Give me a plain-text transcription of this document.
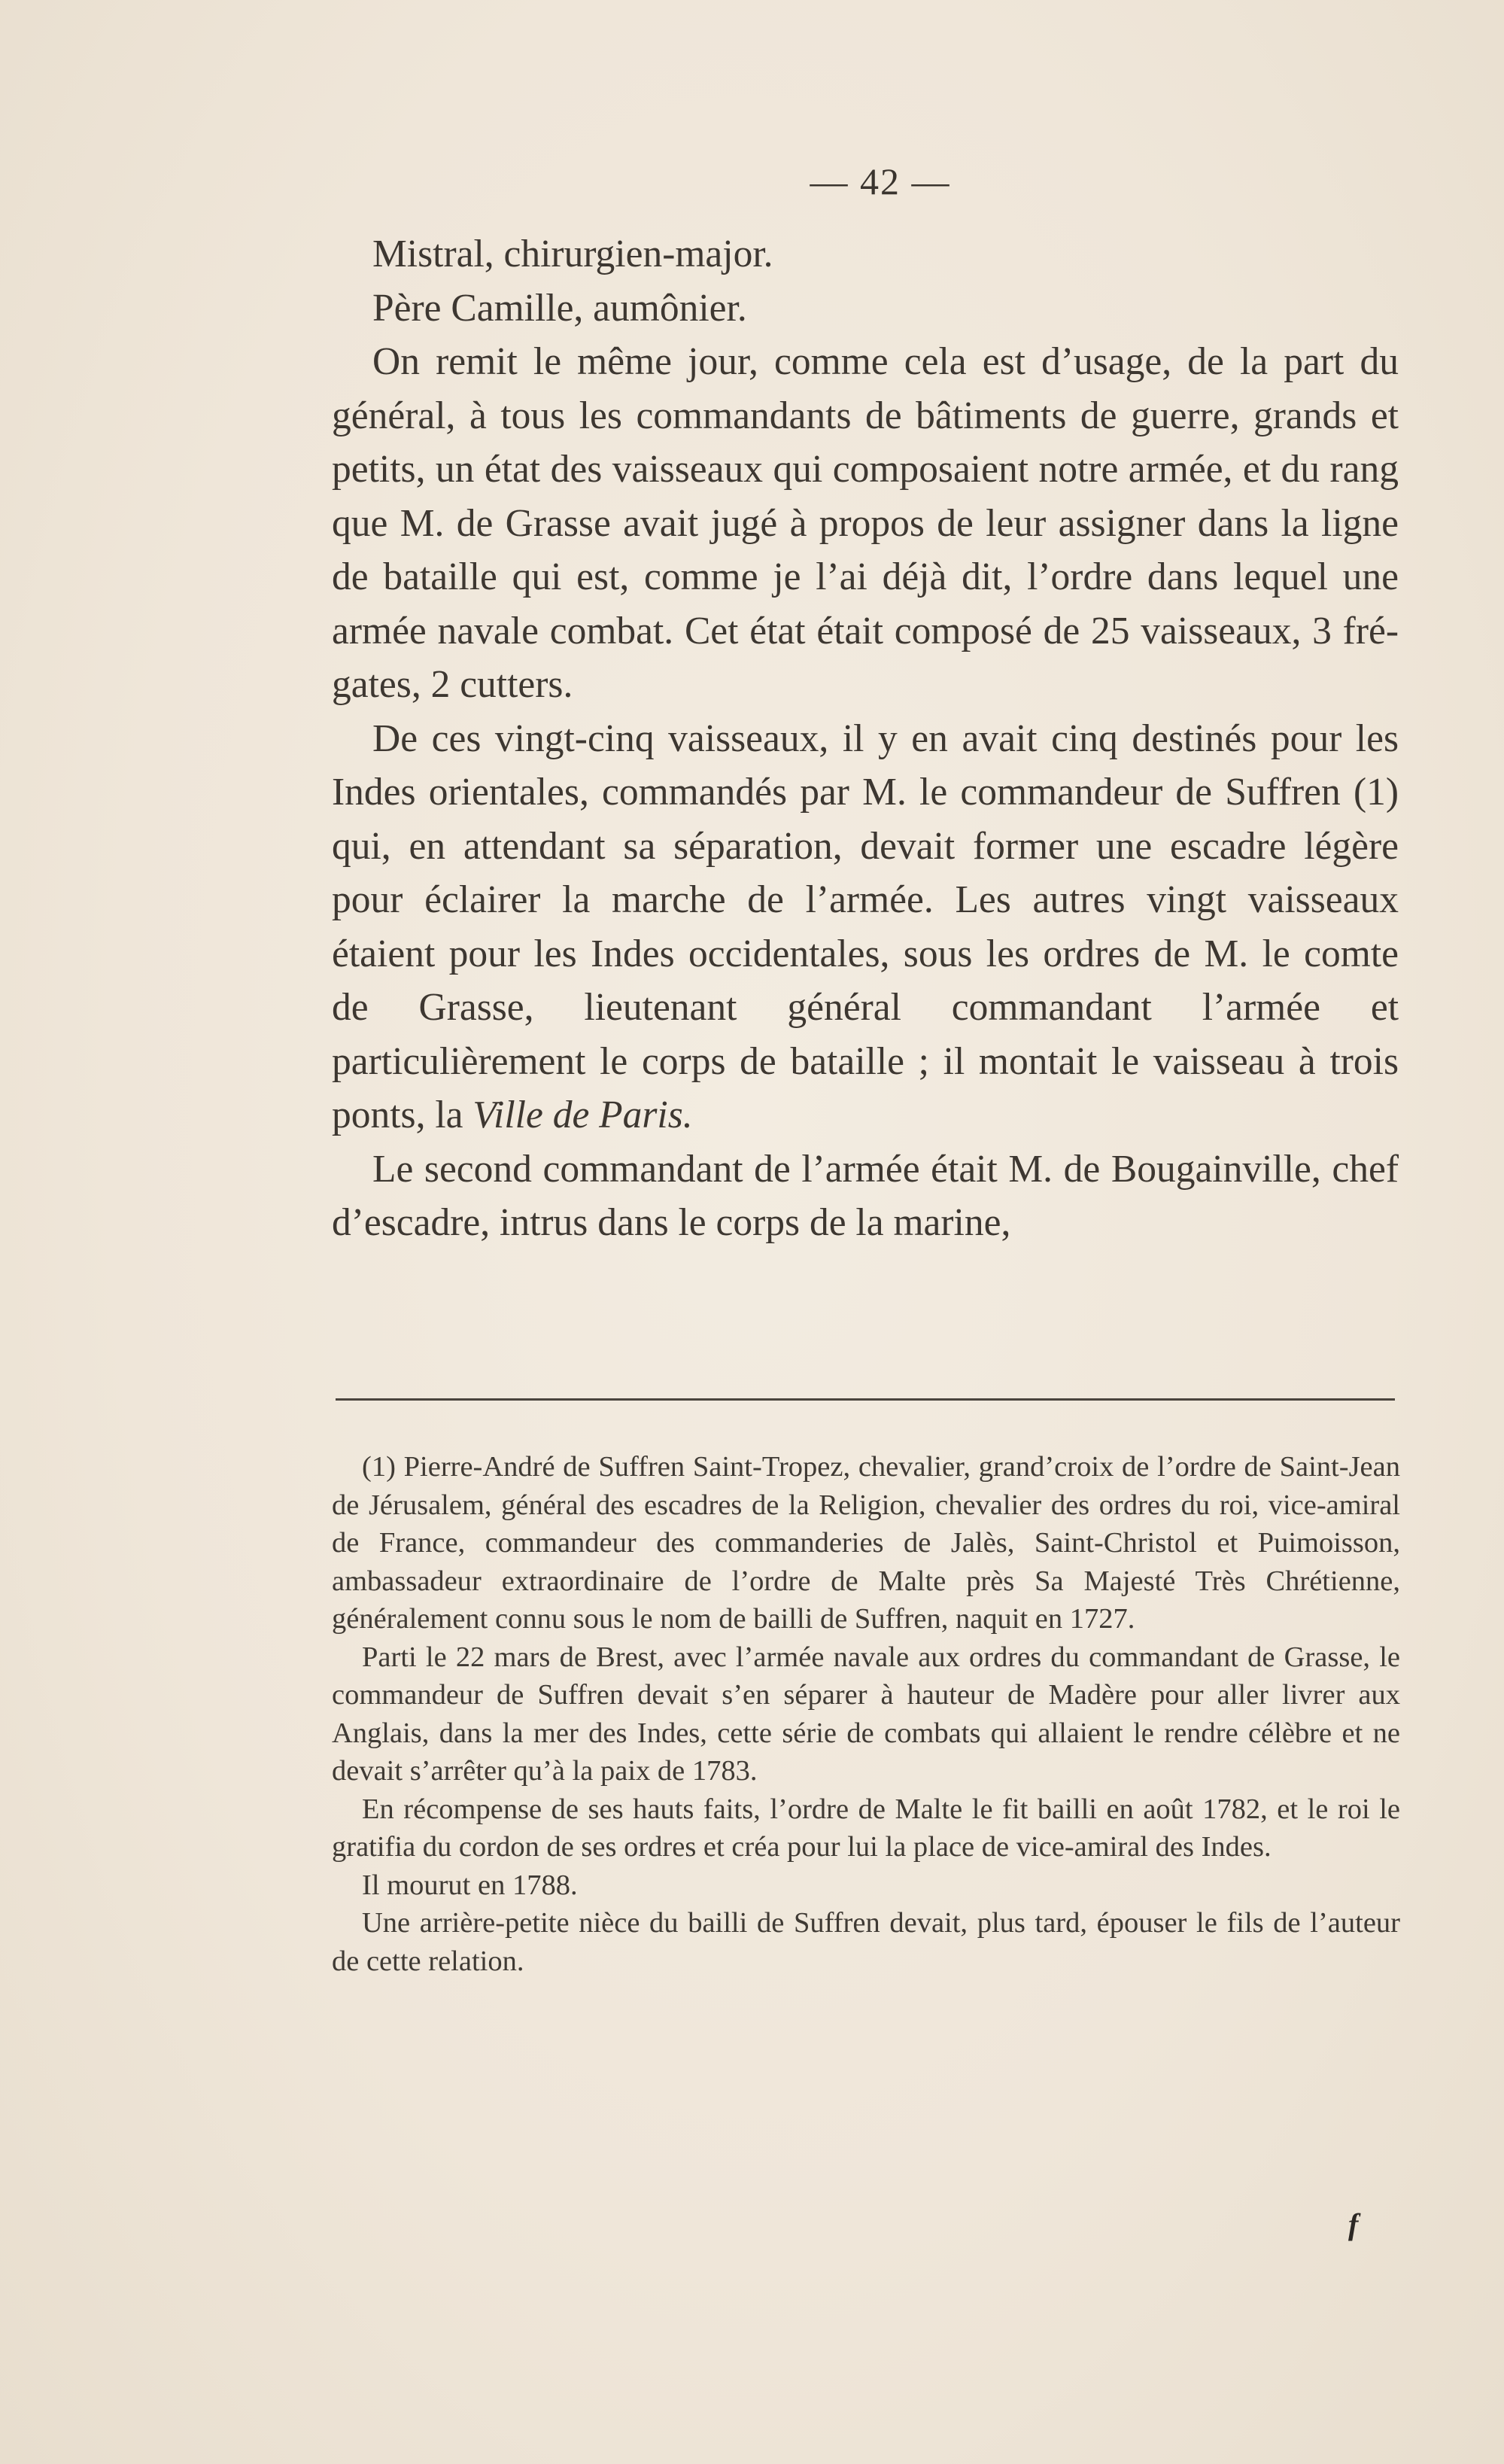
— 42 —

Mistral, chirurgien-major.

Père Camille, aumônier.

On remit le même jour, comme cela est d’usage, de la part du général, à tous les commandants de bâtiments de guerre, grands et petits, un état des vaisseaux qui composaient notre armée, et du rang que M. de Grasse avait jugé à propos de leur assigner dans la ligne de bataille qui est, comme je l’ai déjà dit, l’ordre dans lequel une armée navale combat. Cet état était composé de 25 vaisseaux, 3 frégates, 2 cutters.

De ces vingt-cinq vaisseaux, il y en avait cinq destinés pour les Indes orientales, commandés par M. le commandeur de Suffren (1) qui, en attendant sa séparation, devait former une escadre légère pour éclairer la marche de l’armée. Les autres vingt vaisseaux étaient pour les Indes occidentales, sous les ordres de M. le comte de Grasse, lieutenant général commandant l’armée et particulièrement le corps de bataille ; il montait le vaisseau à trois ponts, la Ville de Paris.

Le second commandant de l’armée était M. de Bougainville, chef d’escadre, intrus dans le corps de la marine,

(1) Pierre-André de Suffren Saint-Tropez, chevalier, grand’croix de l’ordre de Saint-Jean de Jérusalem, général des escadres de la Religion, chevalier des ordres du roi, vice-amiral de France, commandeur des commanderies de Jalès, Saint-Christol et Puimoisson, ambassadeur extraordinaire de l’ordre de Malte près Sa Majesté Très Chrétienne, généralement connu sous le nom de bailli de Suffren, naquit en 1727.

Parti le 22 mars de Brest, avec l’armée navale aux ordres du commandant de Grasse, le commandeur de Suffren devait s’en séparer à hauteur de Madère pour aller livrer aux Anglais, dans la mer des Indes, cette série de combats qui allaient le rendre célèbre et ne devait s’arrêter qu’à la paix de 1783.

En récompense de ses hauts faits, l’ordre de Malte le fit bailli en août 1782, et le roi le gratifia du cordon de ses ordres et créa pour lui la place de vice-amiral des Indes.

Il mourut en 1788.

Une arrière-petite nièce du bailli de Suffren devait, plus tard, épouser le fils de l’auteur de cette relation.

f
